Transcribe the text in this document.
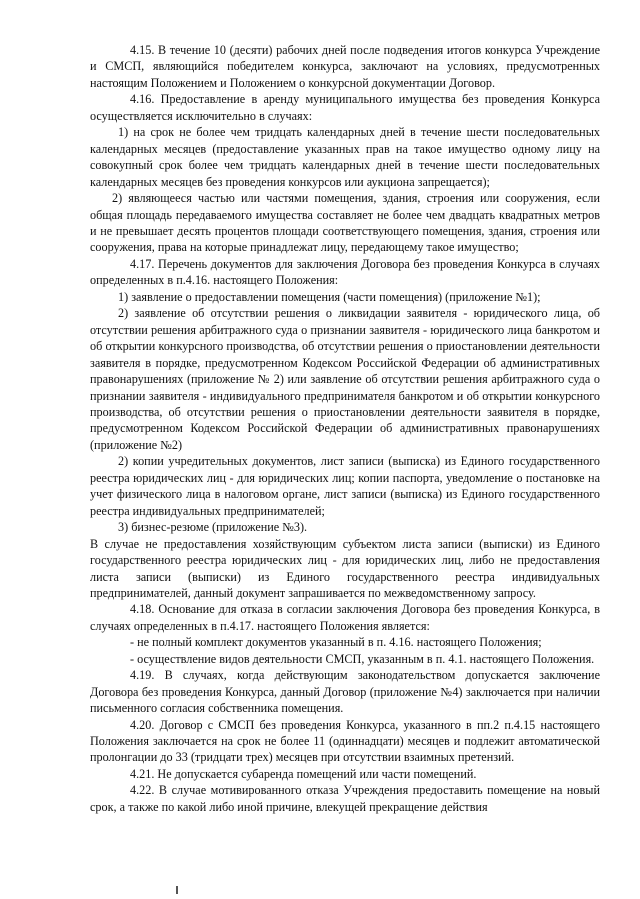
4.15. В течение 10 (десяти) рабочих дней после подведения итогов конкурса Учреждение и СМСП, являющийся победителем конкурса, заключают на условиях, предусмотренных настоящим Положением и Положением о конкурсной документации Договор.

4.16. Предоставление в аренду муниципального имущества без проведения Конкурса осуществляется исключительно в случаях:

1) на срок не более чем тридцать календарных дней в течение шести последовательных календарных месяцев (предоставление указанных прав на такое имущество одному лицу на совокупный срок более чем тридцать календарных дней в течение шести последовательных календарных месяцев без проведения конкурсов или аукциона запрещается);

2) являющееся частью или частями помещения, здания, строения или сооружения, если общая площадь передаваемого имущества составляет не более чем двадцать квадратных метров и не превышает десять процентов площади соответствующего помещения, здания, строения или сооружения, права на которые принадлежат лицу, передающему такое имущество;

4.17. Перечень документов для заключения Договора без проведения Конкурса в случаях определенных в п.4.16. настоящего Положения:

1) заявление о предоставлении помещения (части помещения) (приложение №1);

2) заявление об отсутствии решения о ликвидации заявителя - юридического лица, об отсутствии решения арбитражного суда о признании заявителя - юридического лица банкротом и об открытии конкурсного производства, об отсутствии решения о приостановлении деятельности заявителя в порядке, предусмотренном Кодексом Российской Федерации об административных правонарушениях (приложение № 2) или заявление об отсутствии решения арбитражного суда о признании заявителя - индивидуального предпринимателя банкротом и об открытии конкурсного производства, об отсутствии решения о приостановлении деятельности заявителя в порядке, предусмотренном Кодексом Российской Федерации об административных правонарушениях (приложение №2)

2) копии учредительных документов, лист записи (выписка) из Единого государственного реестра юридических лиц - для юридических лиц; копии паспорта, уведомление о постановке на учет физического лица в налоговом органе, лист записи (выписка) из Единого государственного реестра индивидуальных предпринимателей;

3) бизнес-резюме (приложение №3).

В случае не предоставления хозяйствующим субъектом листа записи (выписки) из Единого государственного реестра юридических лиц - для юридических лиц, либо не предоставления листа записи (выписки) из Единого государственного реестра индивидуальных предпринимателей, данный документ запрашивается по межведомственному запросу.

4.18. Основание для отказа в согласии заключения Договора без проведения Конкурса, в случаях определенных в п.4.17. настоящего Положения является:

- не полный комплект документов указанный в п. 4.16. настоящего Положения;

- осуществление видов деятельности СМСП, указанным в п. 4.1. настоящего Положения.

4.19. В случаях, когда действующим законодательством допускается заключение Договора без проведения Конкурса, данный Договор (приложение №4) заключается при наличии письменного согласия собственника помещения.

4.20. Договор с СМСП без проведения Конкурса, указанного в пп.2 п.4.15 настоящего Положения заключается на срок не более 11 (одиннадцати) месяцев и подлежит автоматической пролонгации до 33 (тридцати трех) месяцев при отсутствии взаимных претензий.

4.21. Не допускается субаренда помещений или части помещений.

4.22. В случае мотивированного отказа Учреждения предоставить помещение на новый срок, а также по какой либо иной причине, влекущей прекращение действия
